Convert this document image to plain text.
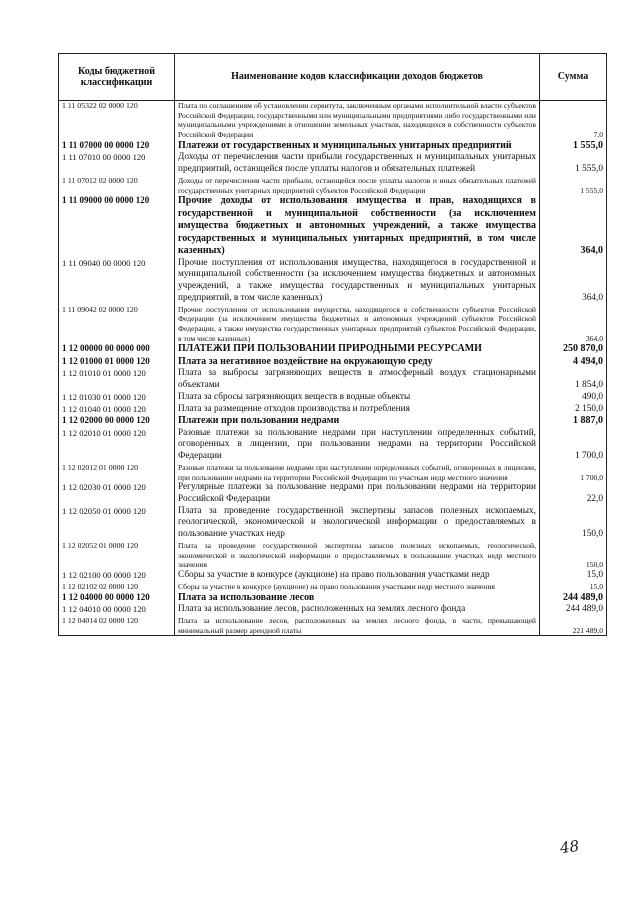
Коды бюджетной классификации	Наименование кодов классификации доходов бюджетов	Сумма
1 11 05322 02 0000 120	Плата по соглашениям об установлении сервитута, заключенным органами исполнительной власти субъектов Российской Федерации, государственными или муниципальными предприятиями либо государственными или муниципальными учреждениями в отношении земельных участков, находящихся в собственности субъектов Российской Федерации	7,0
1 11 07000 00 0000 120	Платежи от государственных и муниципальных унитарных предприятий	1 555,0
1 11 07010 00 0000 120	Доходы от перечисления части прибыли государственных и муниципальных унитарных предприятий, остающейся после уплаты налогов и обязательных платежей	1 555,0
1 11 07012 02 0000 120	Доходы от перечисления части прибыли, остающейся после уплаты налогов и иных обязательных платежей государственных унитарных предприятий субъектов Российской Федерации	1 555,0
1 11 09000 00 0000 120	Прочие доходы от использования имущества и прав, находящихся в государственной и муниципальной собственности (за исключением имущества бюджетных и автономных учреждений, а также имущества государственных и муниципальных унитарных предприятий, в том числе казенных)	364,0
1 11 09040 00 0000 120	Прочие поступления от использования имущества, находящегося в государственной и муниципальной собственности (за исключением имущества бюджетных и автономных учреждений, а также имущества государственных и муниципальных унитарных предприятий, в том числе казенных)	364,0
1 11 09042 02 0000 120	Прочие поступления от использования имущества, находящегося в собственности субъектов Российской Федерации (за исключением имущества бюджетных и автономных учреждений субъектов Российской Федерации, а также имущества государственных унитарных предприятий субъектов Российской Федерации, в том числе казенных)	364,0
1 12 00000 00 0000 000	ПЛАТЕЖИ ПРИ ПОЛЬЗОВАНИИ ПРИРОДНЫМИ РЕСУРСАМИ	250 870,0
1 12 01000 01 0000 120	Плата за негативное воздействие на окружающую среду	4 494,0
1 12 01010 01 0000 120	Плата за выбросы загрязняющих веществ в атмосферный воздух стационарными объектами	1 854,0
1 12 01030 01 0000 120	Плата за сбросы загрязняющих веществ в водные объекты	490,0
1 12 01040 01 0000 120	Плата за размещение отходов производства и потребления	2 150,0
1 12 02000 00 0000 120	Платежи при пользовании недрами	1 887,0
1 12 02010 01 0000 120	Разовые платежи за пользование недрами при наступлении определенных событий, оговоренных в лицензии, при пользовании недрами на территории Российской Федерации	1 700,0
1 12 02012 01 0000 120	Разовые платежи за пользование недрами при наступлении определенных событий, оговоренных в лицензии, при пользовании недрами на территории Российской Федерации по участкам недр местного значения	1 700,0
1 12 02030 01 0000 120	Регулярные платежи за пользование недрами при пользовании недрами на территории Российской Федерации	22,0
1 12 02050 01 0000 120	Плата за проведение государственной экспертизы запасов полезных ископаемых, геологической, экономической и экологической информации о предоставляемых в пользование участках недр	150,0
1 12 02052 01 0000 120	Плата за проведение государственной экспертизы запасов полезных ископаемых, геологической, экономической и экологической информации о предоставляемых в пользование участках недр местного значения	150,0
1 12 02100 00 0000 120	Сборы за участие в конкурсе (аукционе) на право пользования участками недр	15,0
1 12 02102 02 0000 120	Сборы за участие в конкурсе (аукционе) на право пользования участками недр местного значения	15,0
1 12 04000 00 0000 120	Плата за использование лесов	244 489,0
1 12 04010 00 0000 120	Плата за использование лесов, расположенных на землях лесного фонда	244 489,0
1 12 04014 02 0000 120	Плата за использование лесов, расположенных на землях лесного фонда, в части, превышающей минимальный размер арендной платы	221 489,0
48
